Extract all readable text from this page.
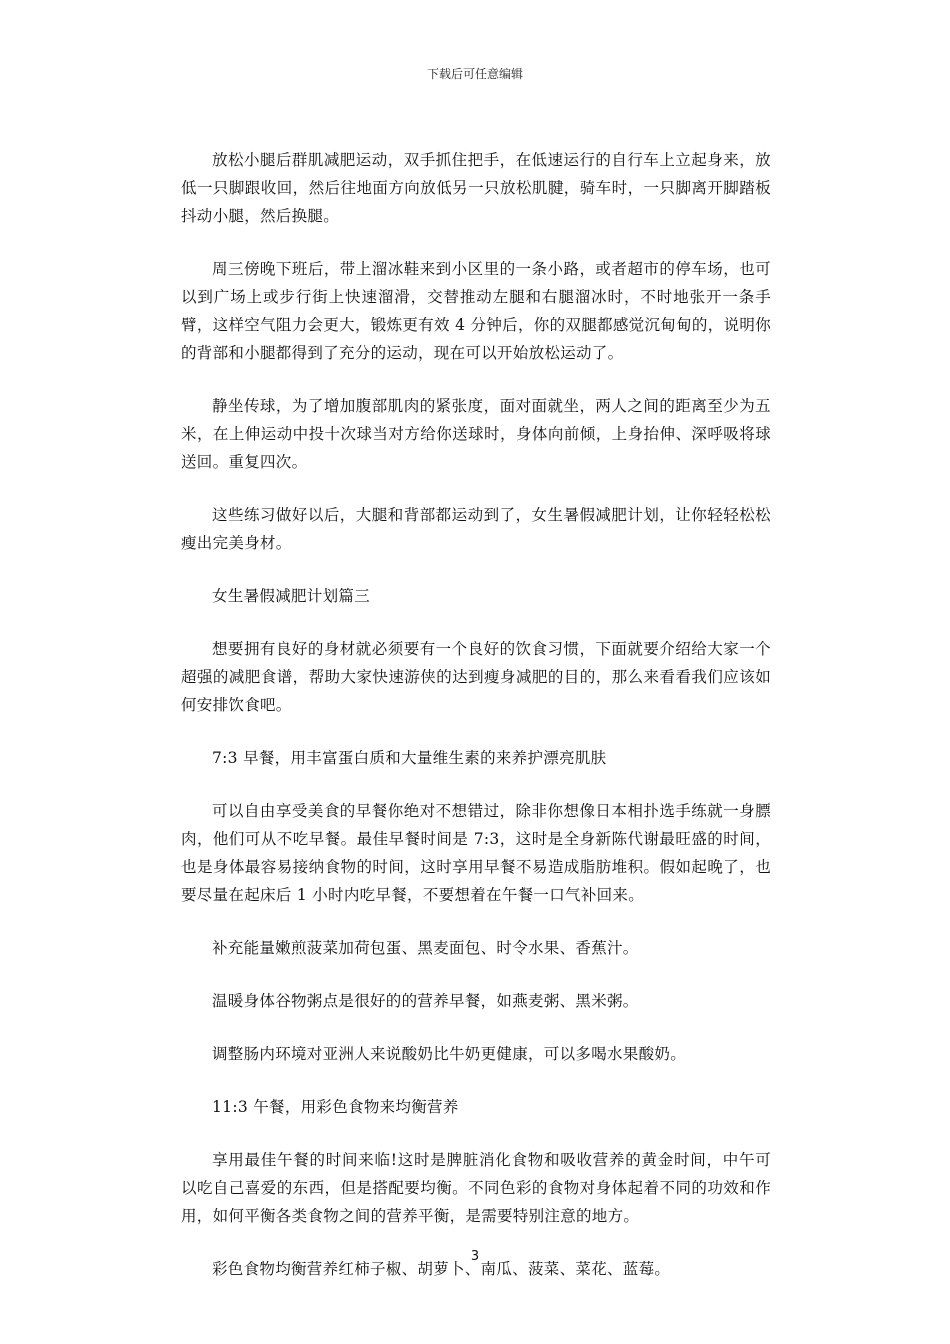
下载后可任意编辑

放松小腿后群肌减肥运动，双手抓住把手，在低速运行的自行车上立起身来，放低一只脚跟收回，然后往地面方向放低另一只放松肌腱，骑车时，一只脚离开脚踏板抖动小腿，然后换腿。

周三傍晚下班后，带上溜冰鞋来到小区里的一条小路，或者超市的停车场，也可以到广场上或步行街上快速溜滑，交替推动左腿和右腿溜冰时，不时地张开一条手臂，这样空气阻力会更大，锻炼更有效 4 分钟后，你的双腿都感觉沉甸甸的，说明你的背部和小腿都得到了充分的运动，现在可以开始放松运动了。

静坐传球，为了增加腹部肌肉的紧张度，面对面就坐，两人之间的距离至少为五米，在上伸运动中投十次球当对方给你送球时，身体向前倾，上身抬伸、深呼吸将球送回。重复四次。

这些练习做好以后，大腿和背部都运动到了，女生暑假减肥计划，让你轻轻松松瘦出完美身材。

女生暑假减肥计划篇三

想要拥有良好的身材就必须要有一个良好的饮食习惯，下面就要介绍给大家一个超强的减肥食谱，帮助大家快速游侠的达到瘦身减肥的目的，那么来看看我们应该如何安排饮食吧。

7:3 早餐，用丰富蛋白质和大量维生素的来养护漂亮肌肤

可以自由享受美食的早餐你绝对不想错过，除非你想像日本相扑选手练就一身膘肉，他们可从不吃早餐。最佳早餐时间是 7:3，这时是全身新陈代谢最旺盛的时间，也是身体最容易接纳食物的时间，这时享用早餐不易造成脂肪堆积。假如起晚了，也要尽量在起床后 1 小时内吃早餐，不要想着在午餐一口气补回来。

补充能量嫩煎菠菜加荷包蛋、黑麦面包、时令水果、香蕉汁。

温暖身体谷物粥点是很好的的营养早餐，如燕麦粥、黑米粥。

调整肠内环境对亚洲人来说酸奶比牛奶更健康，可以多喝水果酸奶。

11:3 午餐，用彩色食物来均衡营养

享用最佳午餐的时间来临!这时是脾脏消化食物和吸收营养的黄金时间，中午可以吃自己喜爱的东西，但是搭配要均衡。不同色彩的食物对身体起着不同的功效和作用，如何平衡各类食物之间的营养平衡，是需要特别注意的地方。

彩色食物均衡营养红柿子椒、胡萝卜、南瓜、菠菜、菜花、蓝莓。

3
